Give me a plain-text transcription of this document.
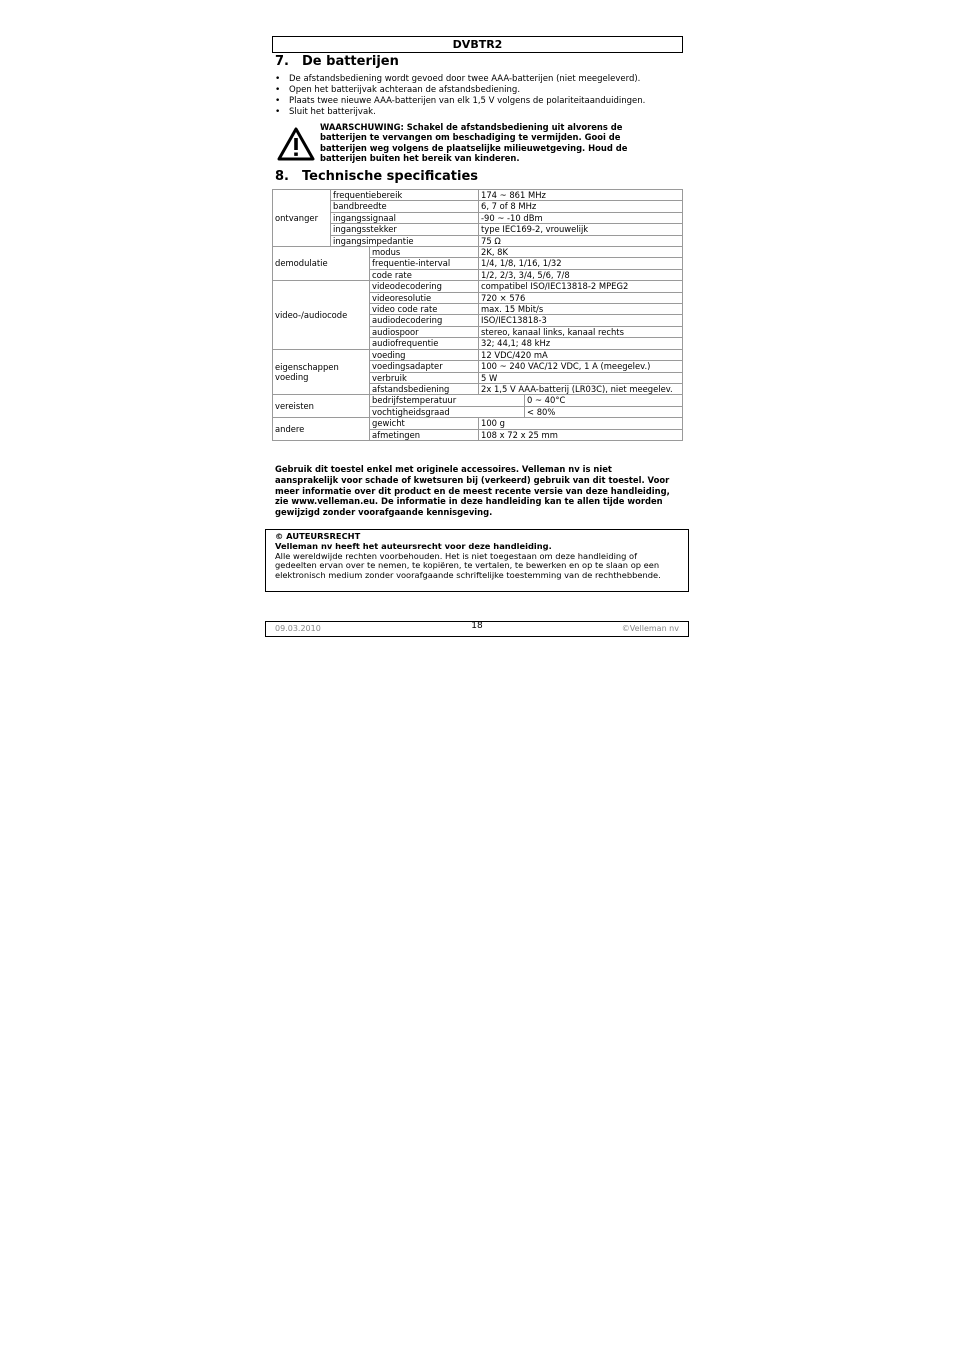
DVBTR2
7. De batterijen
• De afstandsbediening wordt gevoed door twee AAA-batterijen (niet meegeleverd).
• Open het batterijvak achteraan de afstandsbediening.
• Plaats twee nieuwe AAA-batterijen van elk 1,5 V volgens de polariteitaanduidingen.
• Sluit het batterijvak.
WAARSCHUWING: Schakel de afstandsbediening uit alvorens de batterijen te vervangen om beschadiging te vermijden. Gooi de batterijen weg volgens de plaatselijke milieuwetgeving. Houd de batterijen buiten het bereik van kinderen.
8. Technische specificaties
ontvanger	frequentiebereik		174 ~ 861 MHz	
	bandbreedte		6, 7 of 8 MHz	
	ingangssignaal		-90 ~ -10 dBm	
	ingangsstekker		type IEC169-2, vrouwelijk	
	ingangsimpedantie		75 Ω	
demodulatie		modus	2K, 8K	
		frequentie-interval	1/4, 1/8, 1/16, 1/32	
		code rate	1/2, 2/3, 3/4, 5/6, 7/8	
video-/audiocode		videodecodering	compatibel ISO/IEC13818-2 MPEG2	
		videoresolutie	720 × 576	
		video code rate	max. 15 Mbit/s	
		audiodecodering	ISO/IEC13818-3	
		audiospoor	stereo, kanaal links, kanaal rechts	
		audiofrequentie	32; 44,1; 48 kHz	
eigenschappen voeding		voeding	12 VDC/420 mA	
		voedingsadapter	100 ~ 240 VAC/12 VDC, 1 A (meegelev.)	
		verbruik	5 W	
		afstandsbediening	2x 1,5 V AAA-batterij (LR03C), niet meegelev.	
vereisten		bedrijfstemperatuur		0 ~ 40°C
		vochtigheidsgraad		< 80%
andere		gewicht	100 g	
		afmetingen	108 x 72 x 25 mm	
Gebruik dit toestel enkel met originele accessoires. Velleman nv is niet aansprakelijk voor schade of kwetsuren bij (verkeerd) gebruik van dit toestel. Voor meer informatie over dit product en de meest recente versie van deze handleiding, zie www.velleman.eu. De informatie in deze handleiding kan te allen tijde worden gewijzigd zonder voorafgaande kennisgeving.
© AUTEURSRECHT
Velleman nv heeft het auteursrecht voor deze handleiding.
Alle wereldwijde rechten voorbehouden. Het is niet toegestaan om deze handleiding of gedeelten ervan over te nemen, te kopiëren, te vertalen, te bewerken en op te slaan op een elektronisch medium zonder voorafgaande schriftelijke toestemming van de rechthebbende.
09.03.2010	18	©Velleman nv
